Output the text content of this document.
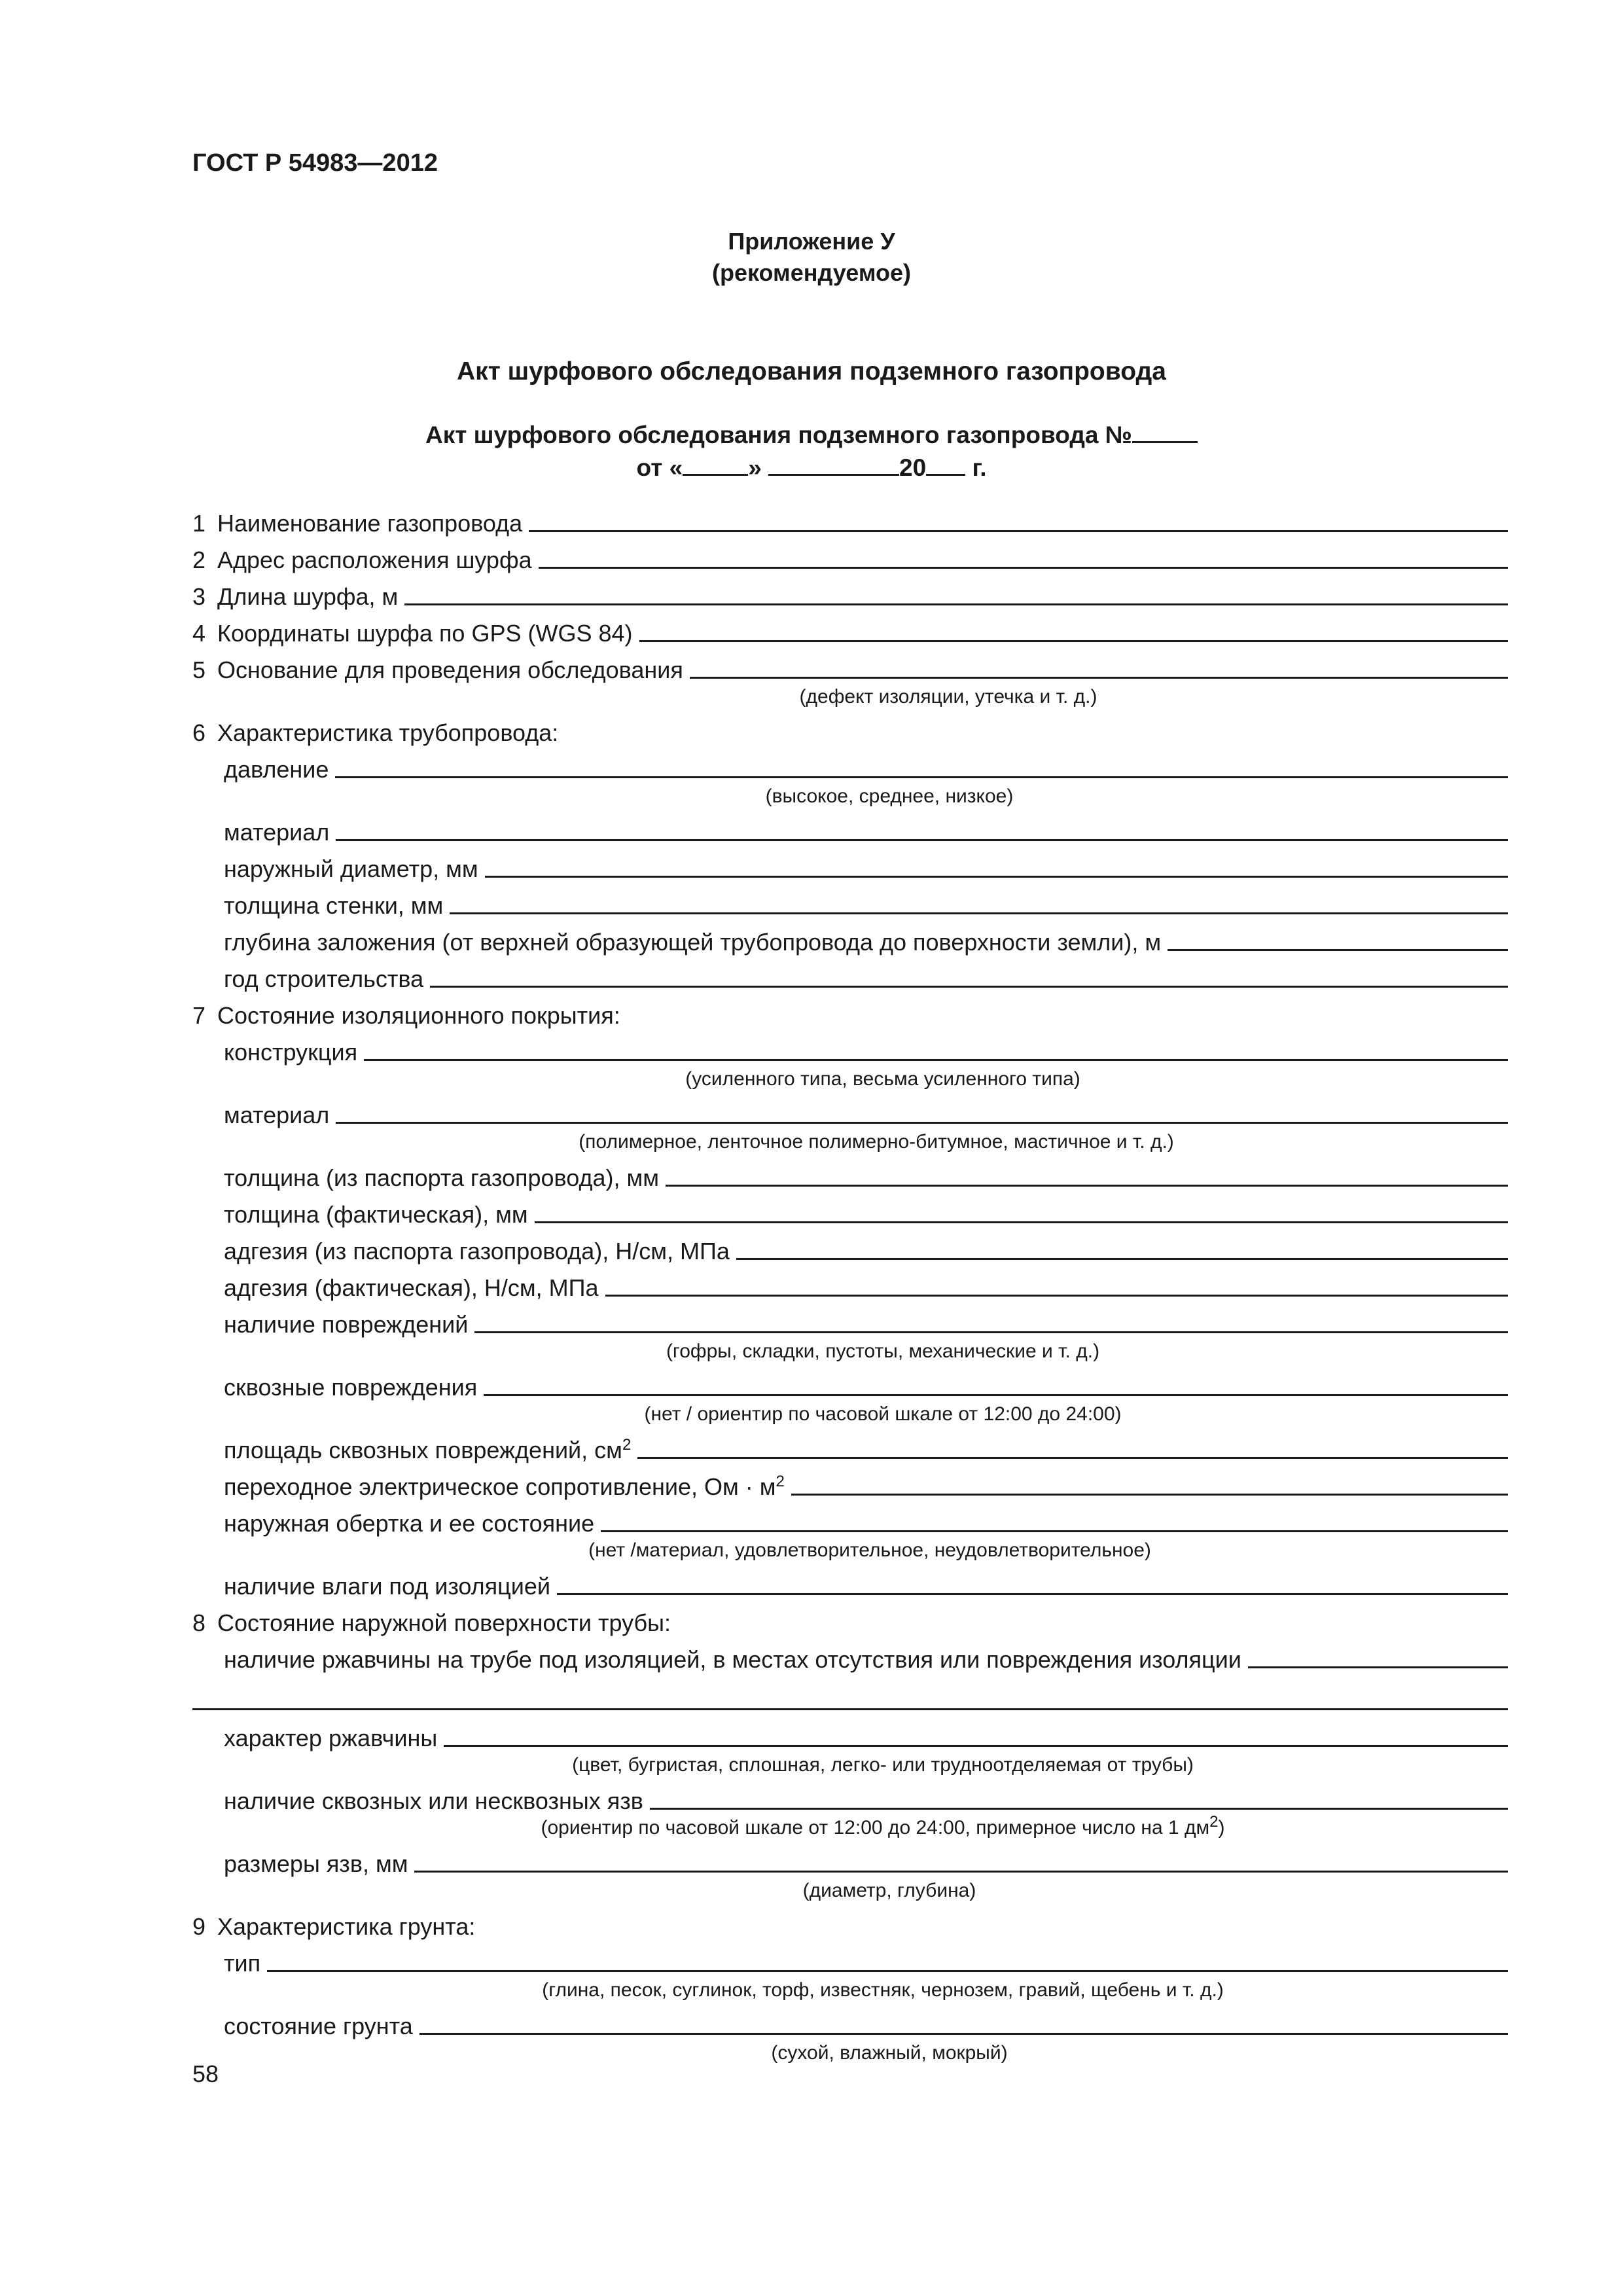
ГОСТ Р 54983—2012
Приложение У
(рекомендуемое)
Акт шурфового обследования подземного газопровода
Акт шурфового обследования подземного газопровода №
от «	»	20 г.
1 Наименование газопровода
2 Адрес расположения шурфа
3 Длина шурфа, м
4 Координаты шурфа по GPS (WGS 84)
5 Основание для проведения обследования
(дефект изоляции, утечка и т. д.)
6 Характеристика трубопровода:
давление
(высокое, среднее, низкое)
материал
наружный диаметр, мм
толщина стенки, мм
глубина заложения (от верхней образующей трубопровода до поверхности земли), м
год строительства
7 Состояние изоляционного покрытия:
конструкция
(усиленного типа, весьма усиленного типа)
материал
(полимерное, ленточное полимерно-битумное, мастичное и т. д.)
толщина (из паспорта газопровода), мм
толщина (фактическая), мм
адгезия (из паспорта газопровода), Н/см, МПа
адгезия (фактическая), Н/см, МПа
наличие повреждений
(гофры, складки, пустоты, механические и т. д.)
сквозные повреждения
(нет / ориентир по часовой шкале от 12:00 до 24:00)
площадь сквозных повреждений, $см^2$
переходное электрическое сопротивление, Ом · $м^2$
наружная обертка и ее состояние
(нет /материал, удовлетворительное, неудовлетворительное)
наличие влаги под изоляцией
8 Состояние наружной поверхности трубы:
наличие ржавчины на трубе под изоляцией, в местах отсутствия или повреждения изоляции
характер ржавчины
(цвет, бугристая, сплошная, легко- или трудноотделяемая от трубы)
наличие сквозных или несквозных язв
(ориентир по часовой шкале от 12:00 до 24:00, примерное число на 1 $дм^2$)
размеры язв, мм
(диаметр, глубина)
9 Характеристика грунта:
тип
(глина, песок, суглинок, торф, известняк, чернозем, гравий, щебень и т. д.)
состояние грунта
(сухой, влажный, мокрый)
58
